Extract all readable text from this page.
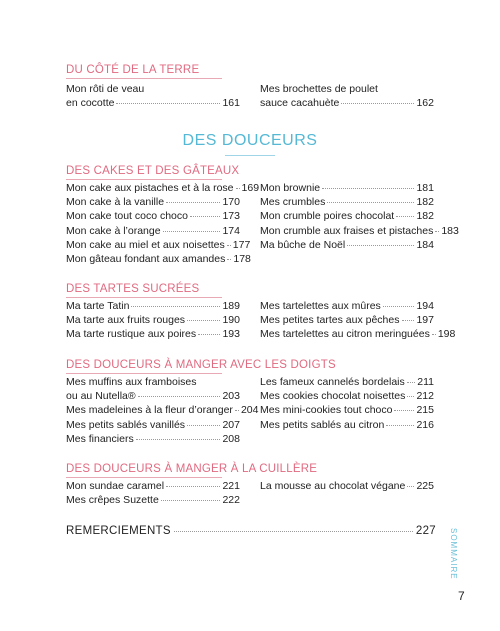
DU CÔTÉ DE LA TERRE
Mon rôti de veau
en cocotte	161
Mes brochettes de poulet
sauce cacahuète	162
DES DOUCEURS
DES CAKES ET DES GÂTEAUX
Mon cake aux pistaches et à la rose 169
Mon cake à la vanille	170
Mon cake tout coco choco	173
Mon cake à l’orange	174
Mon cake au miel et aux noisettes 177
Mon gâteau fondant aux amandes 178
Mon brownie	181
Mes crumbles	182
Mon crumble poires chocolat 182
Mon crumble aux fraises et pistaches 183
Ma bûche de Noël	184
DES TARTES SUCRÉES
Ma tarte Tatin	189
Ma tarte aux fruits rouges	190
Ma tarte rustique aux poires	193
Mes tartelettes aux mûres	194
Mes petites tartes aux pêches 197
Mes tartelettes au citron meringuées 198
DES DOUCEURS À MANGER AVEC LES DOIGTS
Mes muffins aux framboises
ou au Nutella®	203
Mes madeleines à la fleur d’oranger 204
Mes petits sablés vanillés	207
Mes financiers	208
Les fameux cannelés bordelais 211
Mes cookies chocolat noisettes 212
Mes mini-cookies tout choco 215
Mes petits sablés au citron	216
DES DOUCEURS À MANGER À LA CUILLÈRE
Mon sundae caramel	221
Mes crêpes Suzette	222
La mousse au chocolat végane 225
REMERCIEMENTS	227	SOMMAIRE
7
